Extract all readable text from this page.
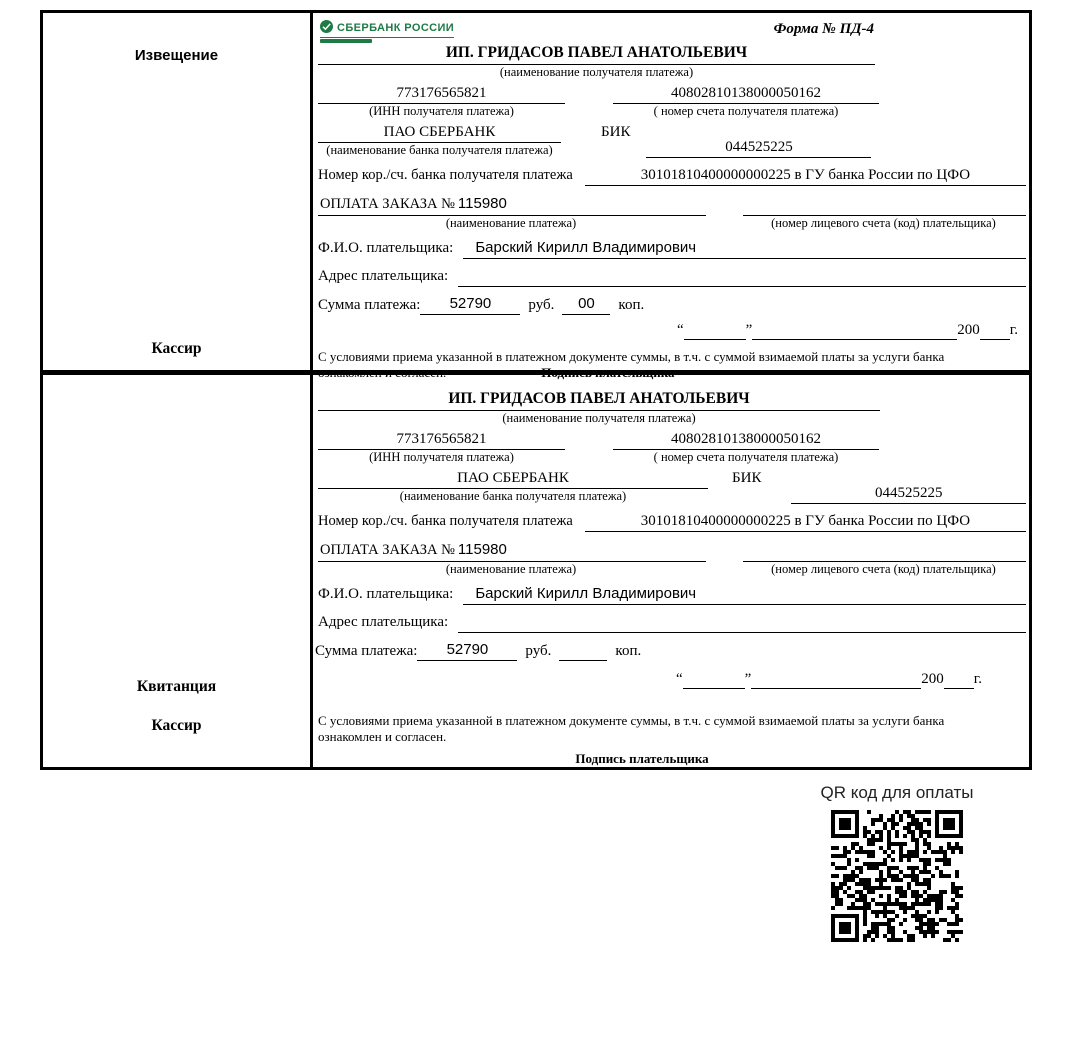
Извещение
Кассир
СБЕРБАНК РОССИИ	Форма № ПД-4
ИП. ГРИДАСОВ ПАВЕЛ АНАТОЛЬЕВИЧ
(наименование получателя платежа)
773176565821
(ИНН получателя платежа)
40802810138000050162
( номер счета получателя платежа)
ПАО СБЕРБАНК
(наименование банка получателя платежа)
БИК
044525225
Номер кор./сч. банка получателя платежа	30101810400000000225 в ГУ банка России по ЦФО
ОПЛАТА ЗАКАЗА № 115980
(наименование платежа)	(номер лицевого счета (код) плательщика)
Ф.И.О. плательщика:	Барский Кирилл Владимирович
Адрес плательщика:
Сумма платежа:	52790	руб.	00	коп.
“	”	200 г.
С условиями приема указанной в платежном документе суммы, в т.ч. с суммой взимаемой платы за услуги банка
ознакомлен и согласен.	Подпись плательщика
Квитанция
Кассир
ИП. ГРИДАСОВ ПАВЕЛ АНАТОЛЬЕВИЧ
(наименование получателя платежа)
773176565821
(ИНН получателя платежа)
40802810138000050162
( номер счета получателя платежа)
ПАО СБЕРБАНК
(наименование банка получателя платежа)
БИК
044525225
Номер кор./сч. банка получателя платежа	30101810400000000225 в ГУ банка России по ЦФО
ОПЛАТА ЗАКАЗА № 115980
(наименование платежа)	(номер лицевого счета (код) плательщика)
Ф.И.О. плательщика:	Барский Кирилл Владимирович
Адрес плательщика:
Сумма платежа:	52790	руб.	коп.
“	”	200 г.
С условиями приема указанной в платежном документе суммы, в т.ч. с суммой взимаемой платы за услуги банка
ознакомлен и согласен.
Подпись плательщика
QR код для оплаты
